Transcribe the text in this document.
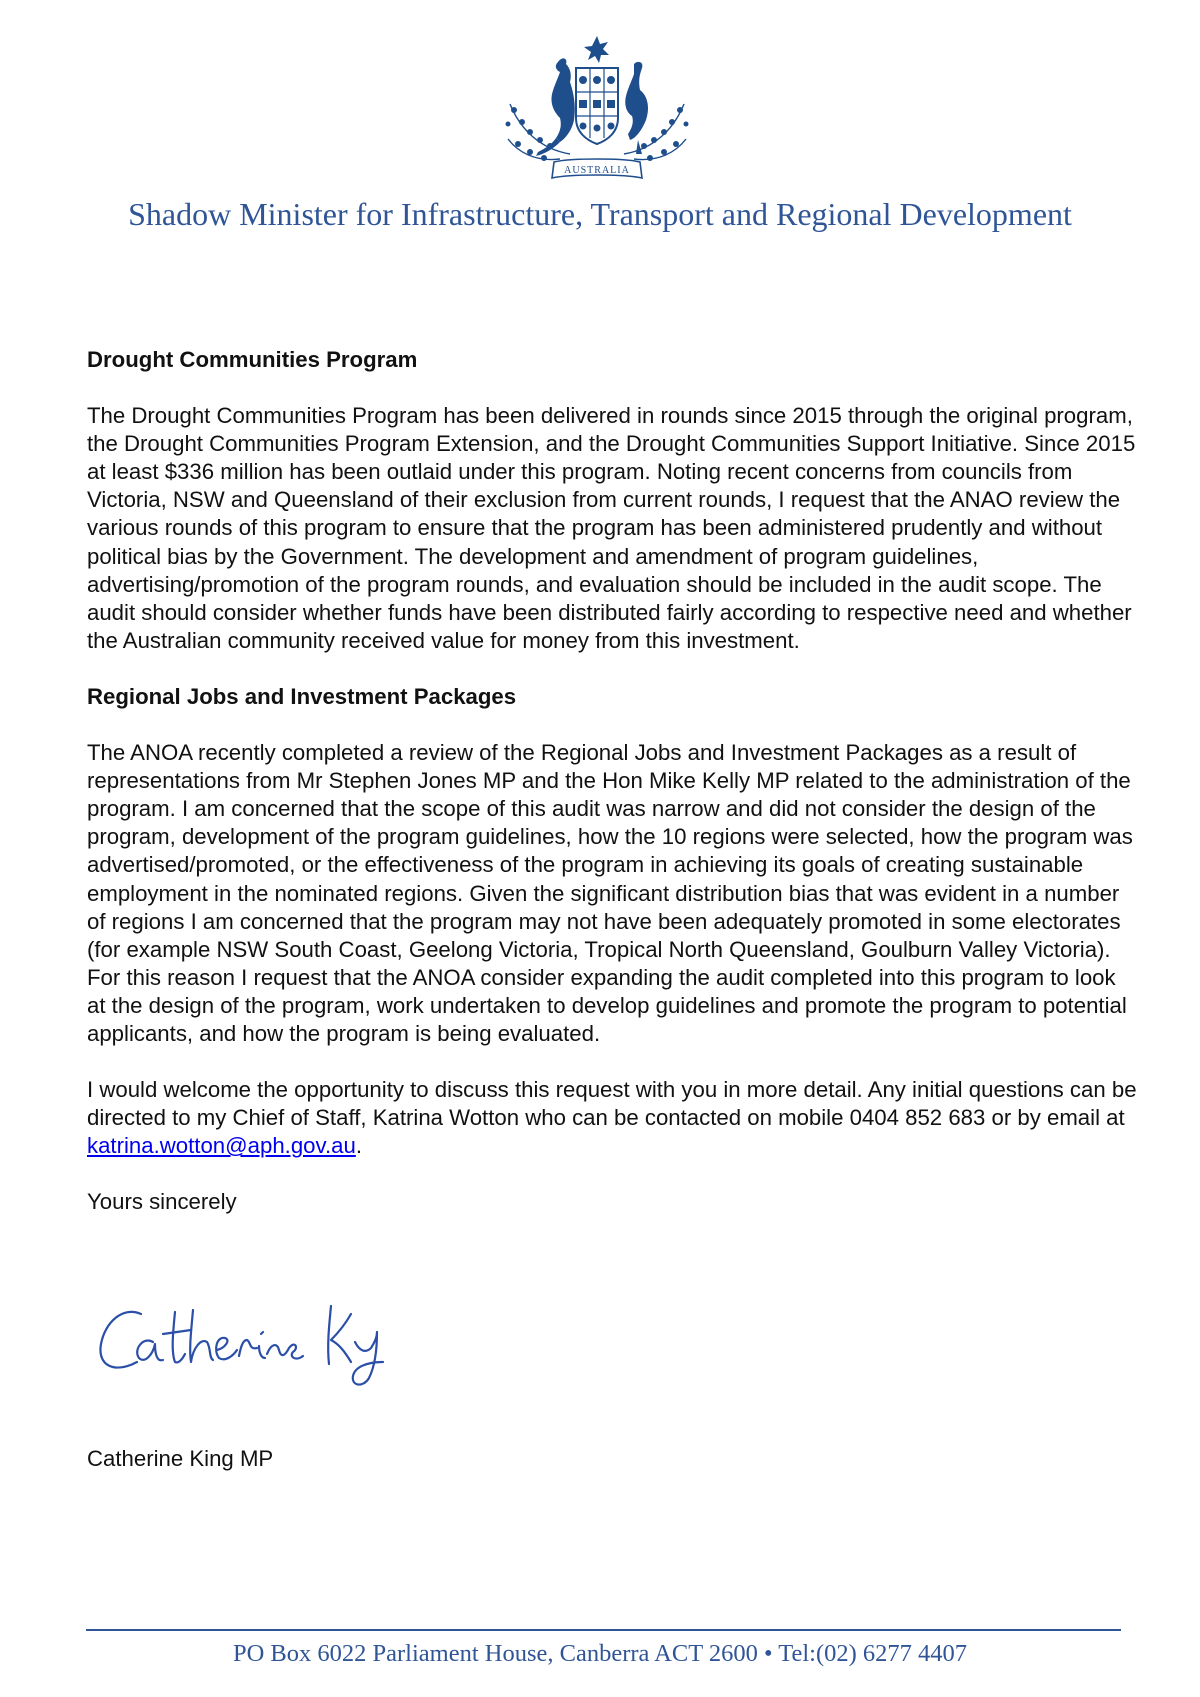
AUSTRALIA
Shadow Minister for Infrastructure, Transport and Regional Development
Drought Communities Program
The Drought Communities Program has been delivered in rounds since 2015 through the original program, the Drought Communities Program Extension, and the Drought Communities Support Initiative. Since 2015 at least $336 million has been outlaid under this program. Noting recent concerns from councils from Victoria, NSW and Queensland of their exclusion from current rounds, I request that the ANAO review the various rounds of this program to ensure that the program has been administered prudently and without political bias by the Government. The development and amendment of program guidelines, advertising/promotion of the program rounds, and evaluation should be included in the audit scope. The audit should consider whether funds have been distributed fairly according to respective need and whether the Australian community received value for money from this investment.
Regional Jobs and Investment Packages
The ANOA recently completed a review of the Regional Jobs and Investment Packages as a result of representations from Mr Stephen Jones MP and the Hon Mike Kelly MP related to the administration of the program. I am concerned that the scope of this audit was narrow and did not consider the design of the program, development of the program guidelines, how the 10 regions were selected, how the program was advertised/promoted, or the effectiveness of the program in achieving its goals of creating sustainable employment in the nominated regions. Given the significant distribution bias that was evident in a number of regions I am concerned that the program may not have been adequately promoted in some electorates (for example NSW South Coast, Geelong Victoria, Tropical North Queensland, Goulburn Valley Victoria). For this reason I request that the ANOA consider expanding the audit completed into this program to look at the design of the program, work undertaken to develop guidelines and promote the program to potential applicants, and how the program is being evaluated.
I would welcome the opportunity to discuss this request with you in more detail. Any initial questions can be directed to my Chief of Staff, Katrina Wotton who can be contacted on mobile 0404 852 683 or by email at katrina.wotton@aph.gov.au.
Yours sincerely
Catherine King
Catherine King MP
PO Box 6022 Parliament House, Canberra ACT 2600 • Tel:(02) 6277 4407
